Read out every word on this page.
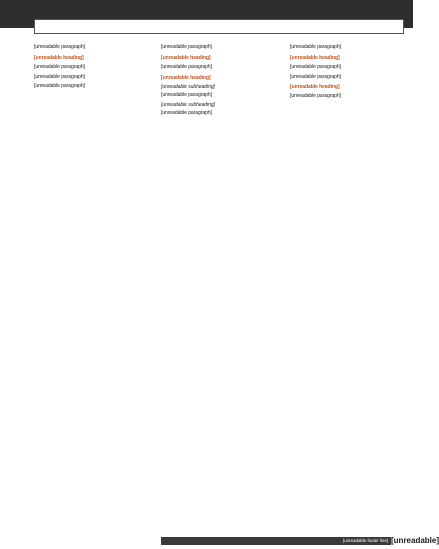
[unreadable paragraph]

[unreadable heading]

[unreadable paragraph]

[unreadable paragraph]

[unreadable paragraph]

[unreadable paragraph]

[unreadable heading]

[unreadable paragraph]

[unreadable heading]

[unreadable subheading]

[unreadable paragraph]

[unreadable subheading]

[unreadable paragraph]

[unreadable paragraph]

[unreadable heading]

[unreadable paragraph]

[unreadable paragraph]

[unreadable heading]

[unreadable paragraph]

[unreadable footer line] [unreadable]
